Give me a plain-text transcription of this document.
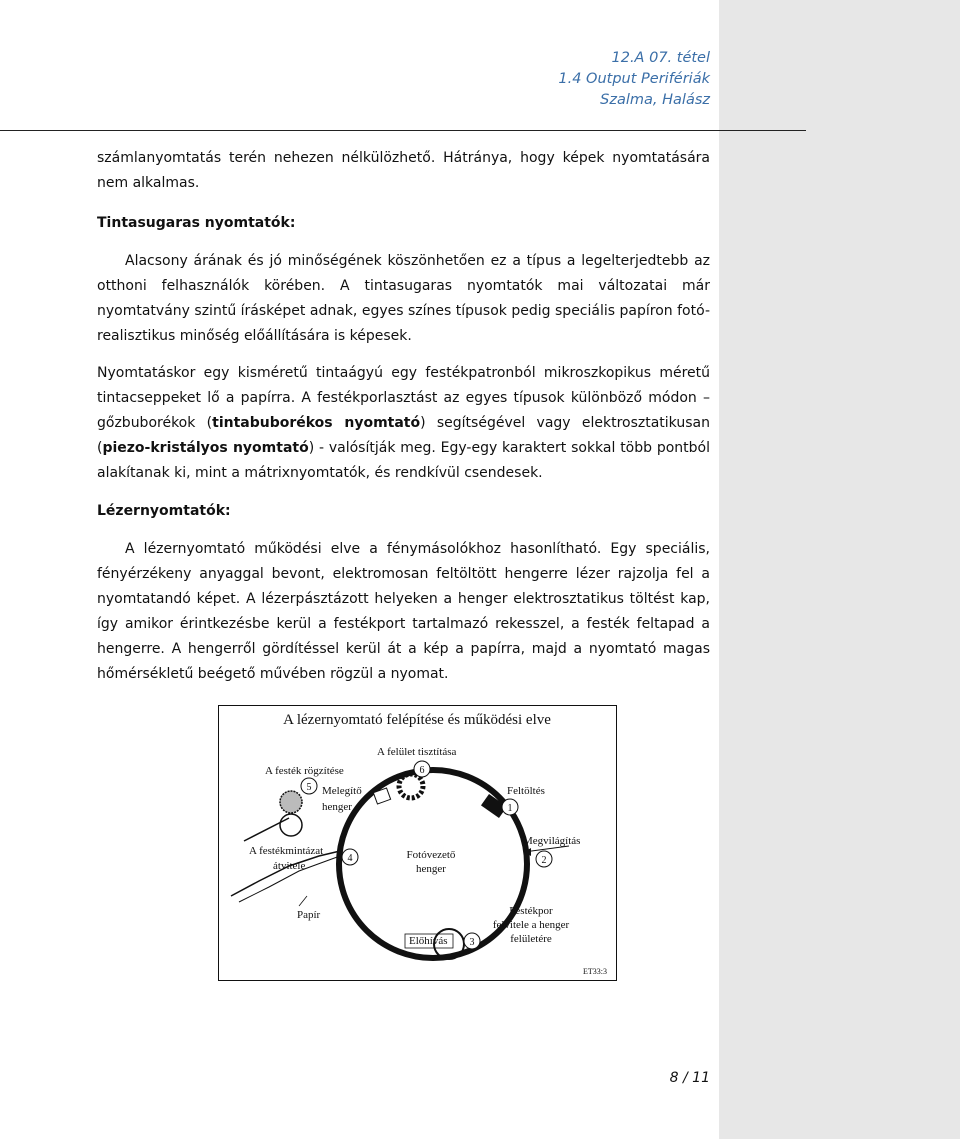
12.A 07. tétel
1.4 Output Perifériák
Szalma, Halász

számlanyomtatás terén nehezen nélkülözhető. Hátránya, hogy képek nyomtatására nem alkalmas.

Tintasugaras nyomtatók:

Alacsony árának és jó minőségének köszönhetően ez a típus a legelterjedtebb az otthoni felhasználók körében. A tintasugaras nyomtatók mai változatai már nyomtatvány szintű írásképet adnak, egyes színes típusok pedig speciális papíron fotó-realisztikus minőség előállítására is képesek.

Nyomtatáskor egy kisméretű tintaágyú egy festékpatronból mikroszkopikus méretű tintacseppeket lő a papírra. A festékporlasztást az egyes típusok különböző módon – gőzbuborékok (tintabuborékos nyomtató) segítségével vagy elektrosztatikusan (piezo-kristályos nyomtató) - valósítják meg. Egy-egy karaktert sokkal több pontból alakítanak ki, mint a mátrixnyomtatók, és rendkívül csendesek.

Lézernyomtatók:

A lézernyomtató működési elve a fénymásolókhoz hasonlítható. Egy speciális, fényérzékeny anyaggal bevont, elektromosan feltöltött hengerre lézer rajzolja fel a nyomtatandó képet. A lézerpásztázott helyeken a henger elektrosztatikus töltést kap, így amikor érintkezésbe kerül a festékport tartalmazó rekesszel, a festék feltapad a hengerre. A hengerről gördítéssel kerül át a kép a papírra, majd a nyomtató magas hőmérsékletű beégető művében rögzül a nyomat.

A lézernyomtató felépítése és működési elve
Fotóvezető
henger
A felület tisztítása
6
Feltöltés
1
Megvilágítás
2
Előhívás 3
Festékpor
felvitele a henger
felületére
A festék rögzítése
5 Melegítő
henger
A festékmintázat
átvitele
4
Papír
ET33:3
8 / 11
